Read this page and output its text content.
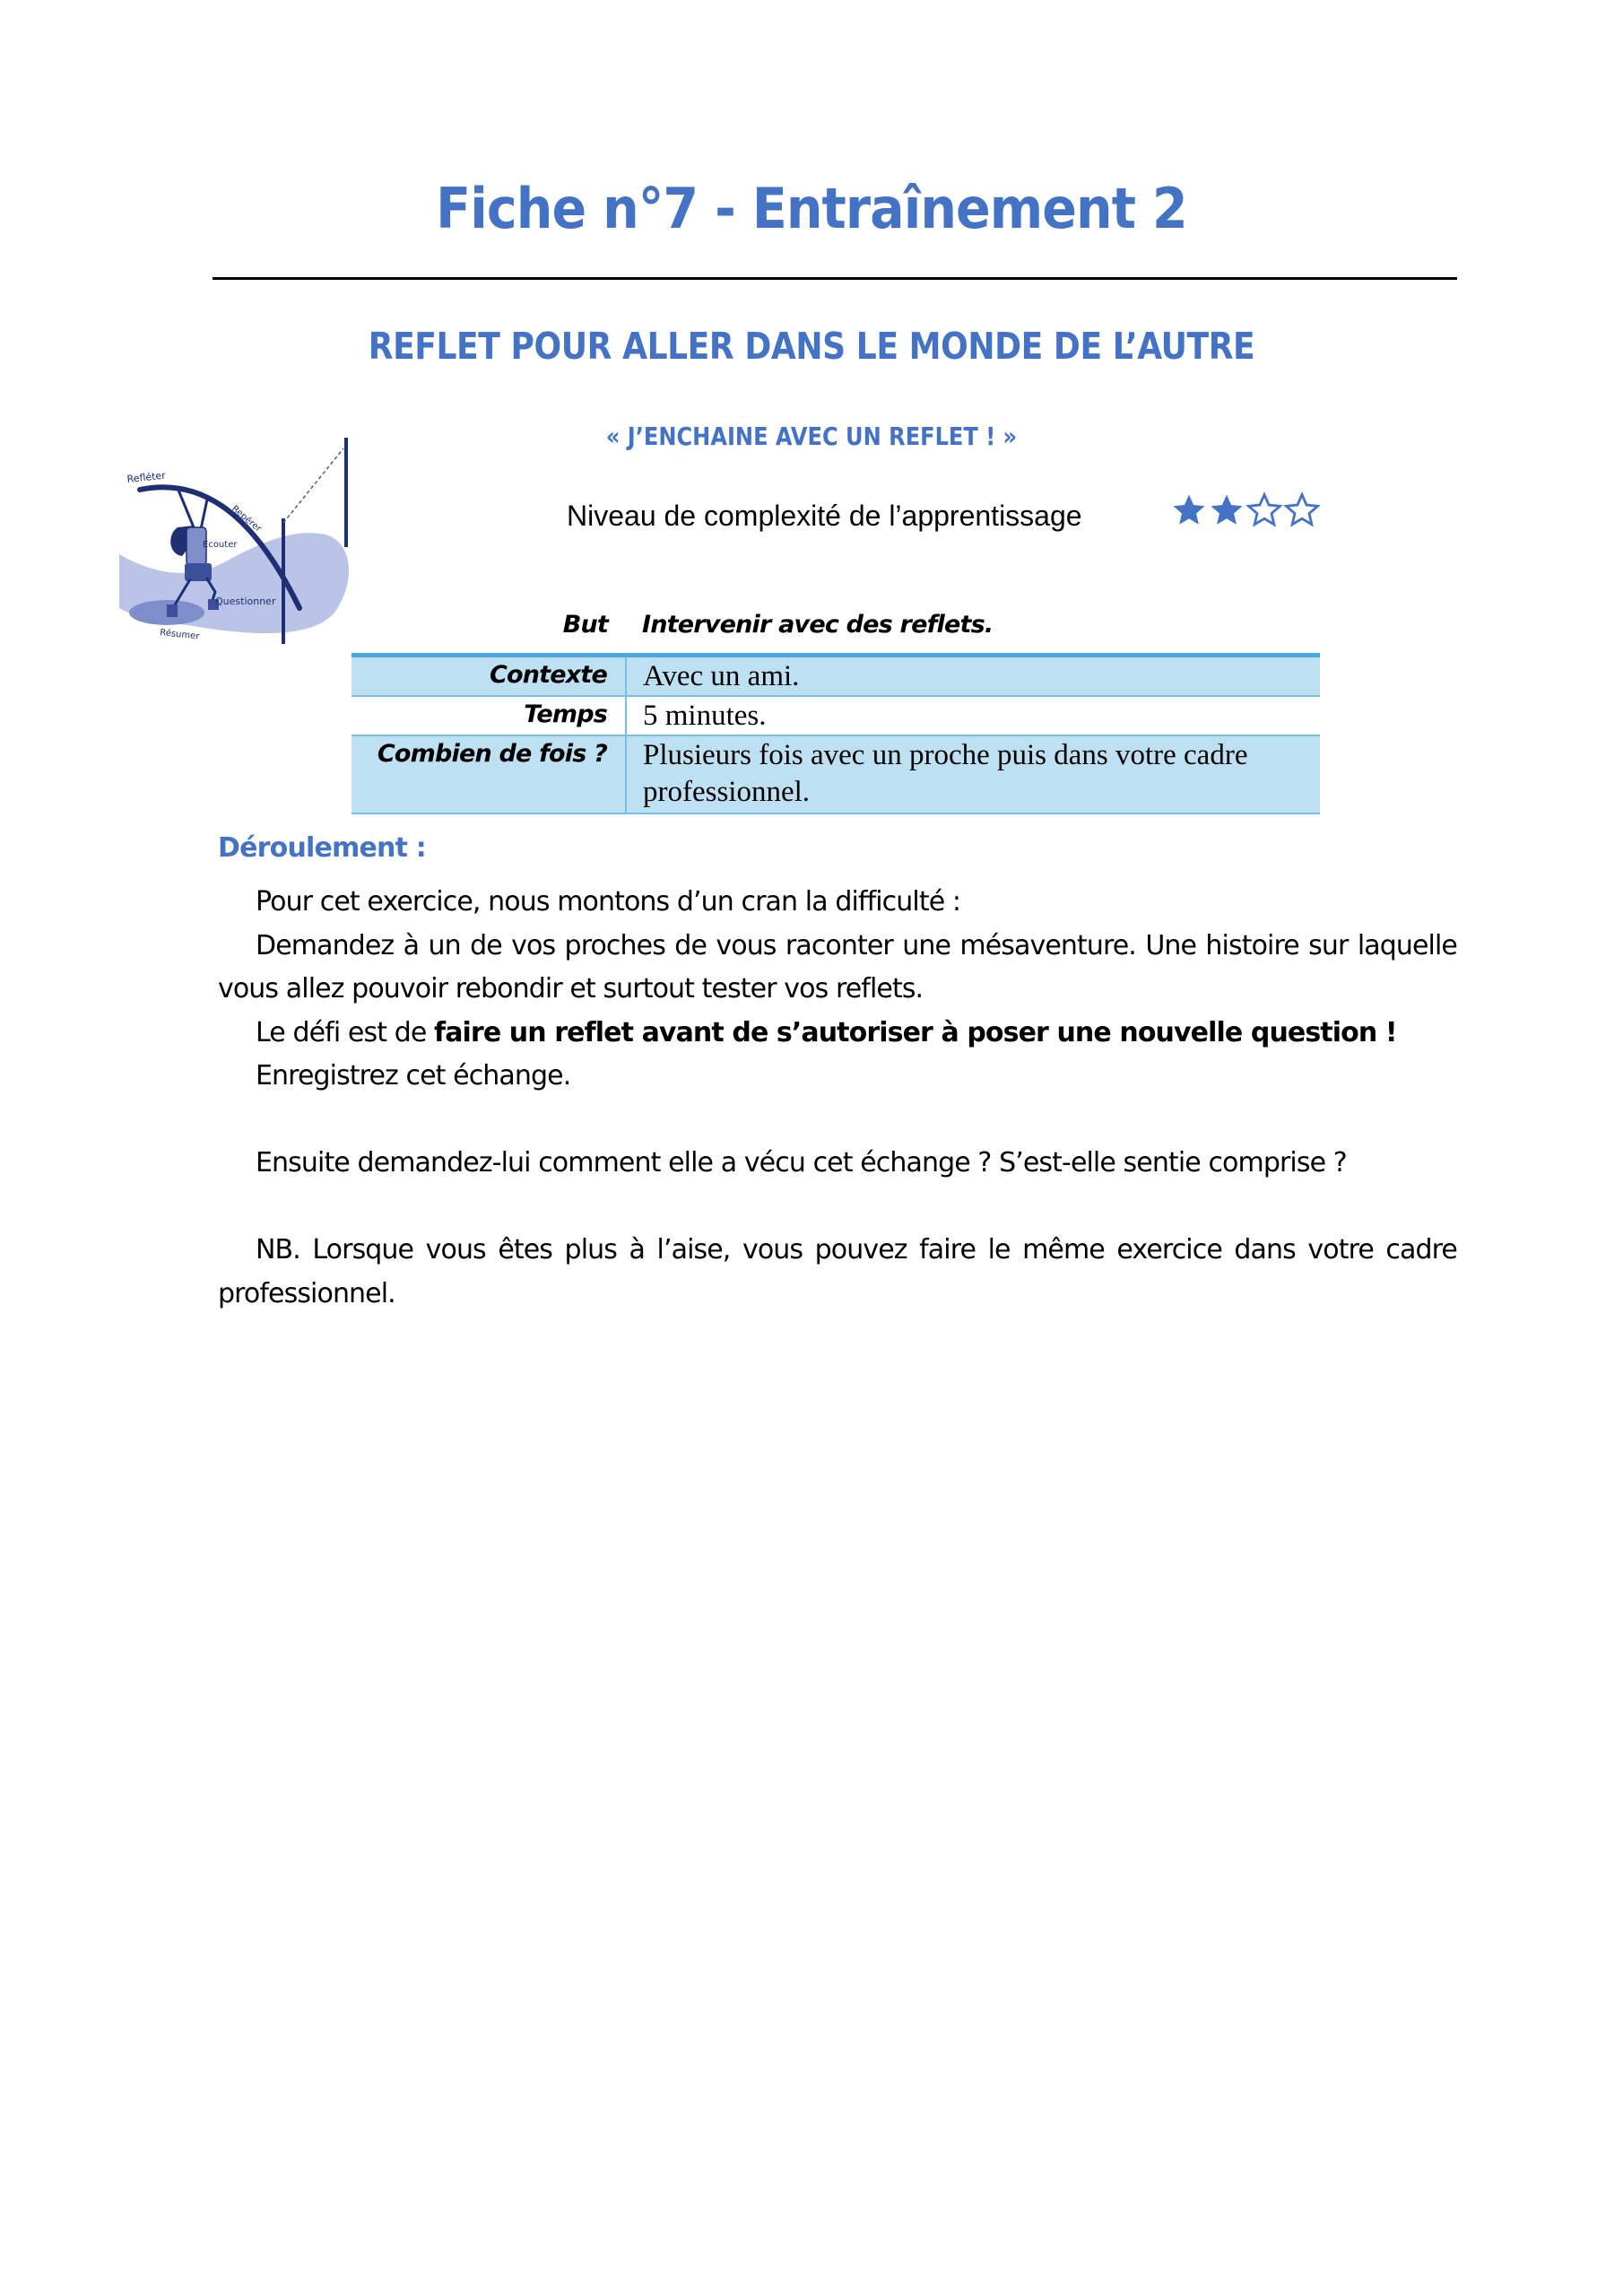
Fiche n°7 - Entraînement 2
REFLET POUR ALLER DANS LE MONDE DE L’AUTRE
« J’ENCHAINE AVEC UN REFLET ! »
Refléter
Repérer
Écouter
Questionner
Résumer
Niveau de complexité de l’apprentissage
But	Intervenir avec des reflets.
Contexte	Avec un ami.
Temps	5 minutes.
Combien de fois ?	Plusieurs fois avec un proche puis dans votre cadre professionnel.
Déroulement :

Pour cet exercice, nous montons d’un cran la difficulté :

Demandez à un de vos proches de vous raconter une mésaventure. Une histoire sur laquelle vous allez pouvoir rebondir et surtout tester vos reflets.

Le défi est de faire un reflet avant de s’autoriser à poser une nouvelle question !

Enregistrez cet échange.

Ensuite demandez-lui comment elle a vécu cet échange ? S’est-elle sentie comprise ?

NB. Lorsque vous êtes plus à l’aise, vous pouvez faire le même exercice dans votre cadre professionnel.
